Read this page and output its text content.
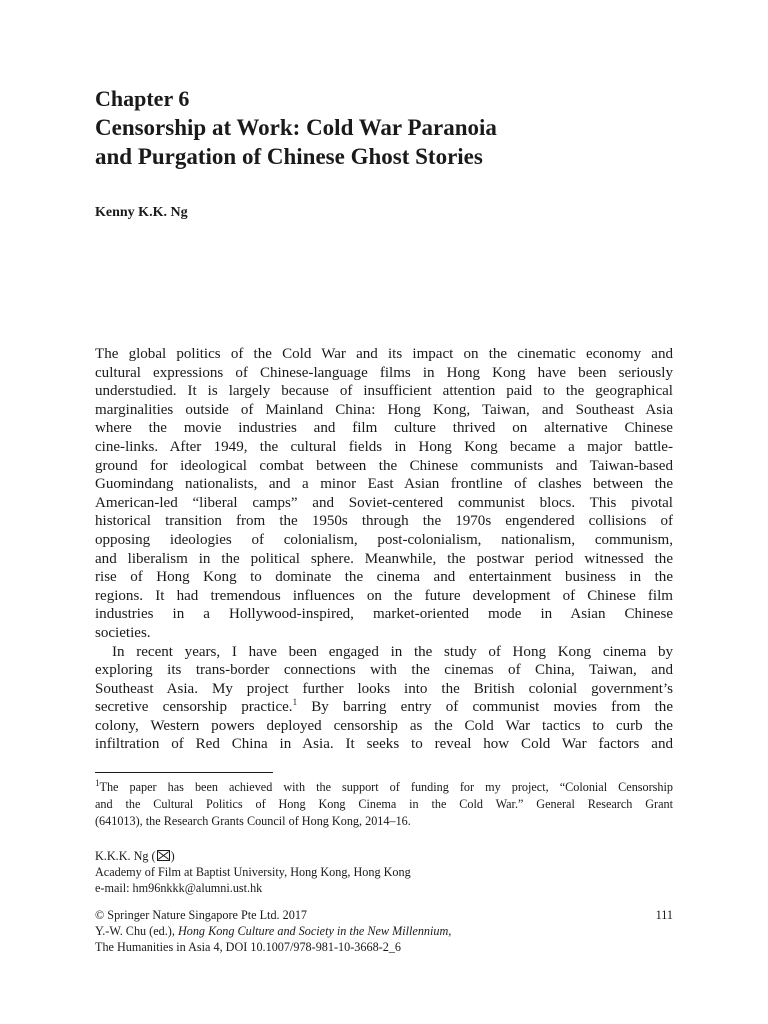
Chapter 6
Censorship at Work: Cold War Paranoia
and Purgation of Chinese Ghost Stories

Kenny K.K. Ng

The global politics of the Cold War and its impact on the cinematic economy and
cultural expressions of Chinese-language films in Hong Kong have been seriously
understudied. It is largely because of insufficient attention paid to the geographical
marginalities outside of Mainland China: Hong Kong, Taiwan, and Southeast Asia
where the movie industries and film culture thrived on alternative Chinese
cine-links. After 1949, the cultural fields in Hong Kong became a major battle-
ground for ideological combat between the Chinese communists and Taiwan-based
Guomindang nationalists, and a minor East Asian frontline of clashes between the
American-led “liberal camps” and Soviet-centered communist blocs. This pivotal
historical transition from the 1950s through the 1970s engendered collisions of
opposing ideologies of colonialism, post-colonialism, nationalism, communism,
and liberalism in the political sphere. Meanwhile, the postwar period witnessed the
rise of Hong Kong to dominate the cinema and entertainment business in the
regions. It had tremendous influences on the future development of Chinese film
industries in a Hollywood-inspired, market-oriented mode in Asian Chinese
societies.

In recent years, I have been engaged in the study of Hong Kong cinema by
exploring its trans-border connections with the cinemas of China, Taiwan, and
Southeast Asia. My project further looks into the British colonial government’s
secretive censorship practice.$^1$ By barring entry of communist movies from the
colony, Western powers deployed censorship as the Cold War tactics to curb the
infiltration of Red China in Asia. It seeks to reveal how Cold War factors and

$^1$The paper has been achieved with the support of funding for my project, “Colonial Censorship
and the Cultural Politics of Hong Kong Cinema in the Cold War.” General Research Grant
(641013), the Research Grants Council of Hong Kong, 2014–16.
K.K.K. Ng ( )
Academy of Film at Baptist University, Hong Kong, Hong Kong
e-mail: hm96nkkk@alumni.ust.hk
© Springer Nature Singapore Pte Ltd. 2017	111
Y.-W. Chu (ed.), Hong Kong Culture and Society in the New Millennium,
The Humanities in Asia 4, DOI 10.1007/978-981-10-3668-2_6
